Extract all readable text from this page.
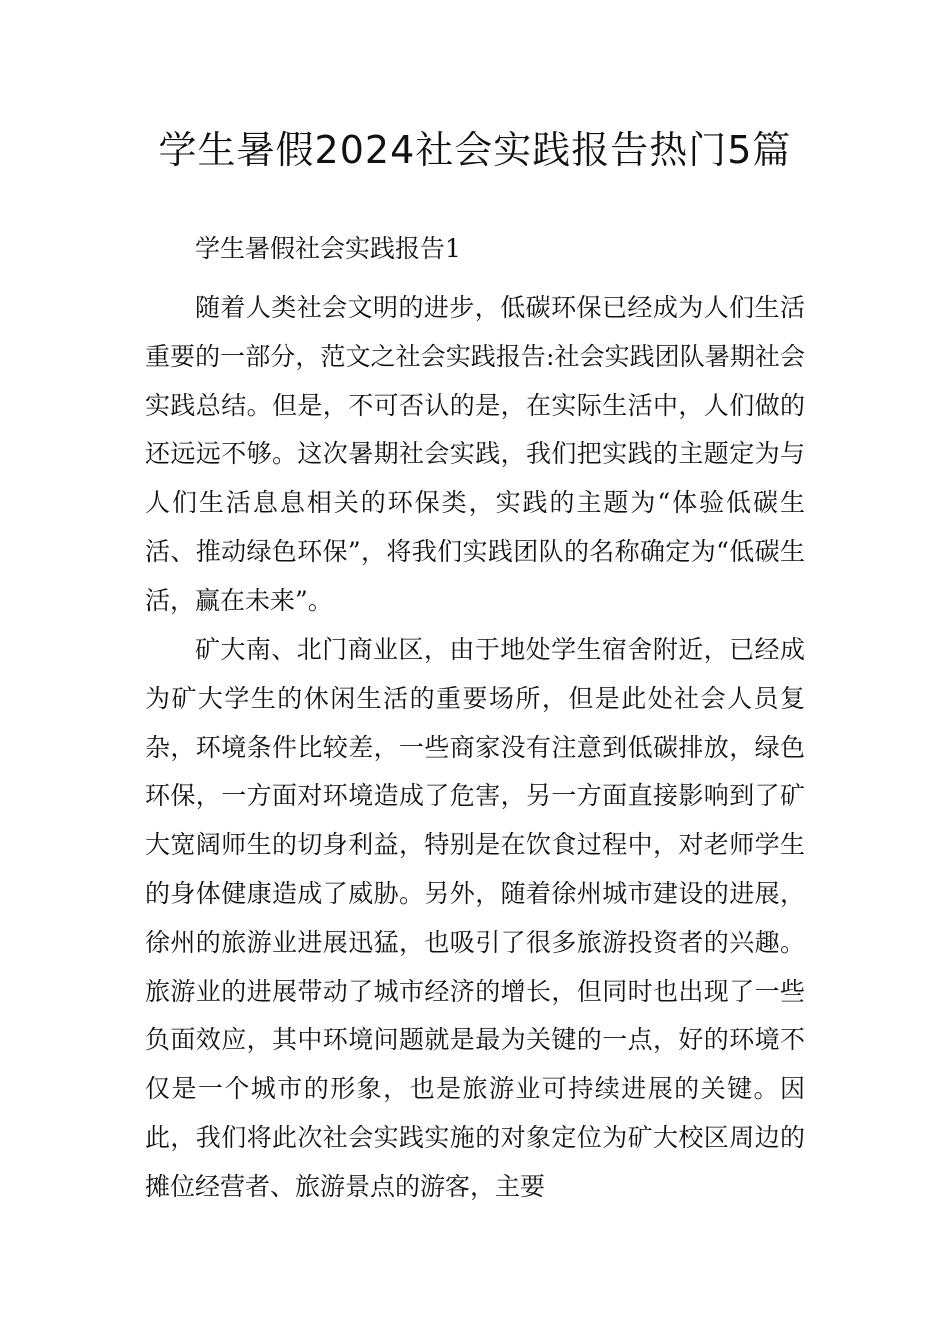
学生暑假2024社会实践报告热门5篇
学生暑假社会实践报告1

随着人类社会文明的进步，低碳环保已经成为人们生活重要的一部分，范文之社会实践报告:社会实践团队暑期社会实践总结。但是，不可否认的是，在实际生活中，人们做的还远远不够。这次暑期社会实践，我们把实践的主题定为与人们生活息息相关的环保类，实践的主题为“体验低碳生活、推动绿色环保”，将我们实践团队的名称确定为“低碳生活，赢在未来”。

矿大南、北门商业区，由于地处学生宿舍附近，已经成为矿大学生的休闲生活的重要场所，但是此处社会人员复杂，环境条件比较差，一些商家没有注意到低碳排放，绿色环保，一方面对环境造成了危害，另一方面直接影响到了矿大宽阔师生的切身利益，特别是在饮食过程中，对老师学生的身体健康造成了威胁。另外，随着徐州城市建设的进展，徐州的旅游业进展迅猛，也吸引了很多旅游投资者的兴趣。旅游业的进展带动了城市经济的增长，但同时也出现了一些负面效应，其中环境问题就是最为关键的一点，好的环境不仅是一个城市的形象，也是旅游业可持续进展的关键。因此，我们将此次社会实践实施的对象定位为矿大校区周边的摊位经营者、旅游景点的游客，主要
